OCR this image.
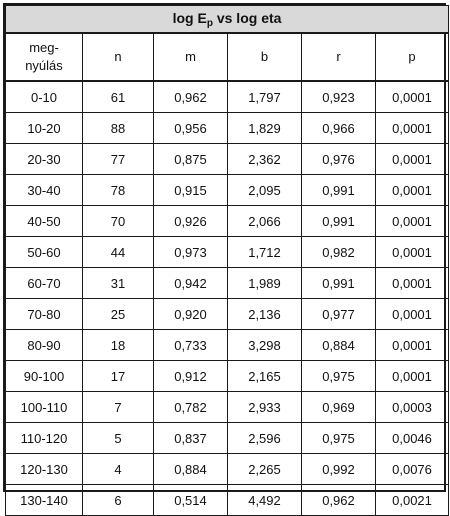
$\log E_p$ vs log eta					
meg-
nyúlás	n	m	b	r	p
0-10	61	0,962	1,797	0,923	0,0001
10-20	88	0,956	1,829	0,966	0,0001
20-30	77	0,875	2,362	0,976	0,0001
30-40	78	0,915	2,095	0,991	0,0001
40-50	70	0,926	2,066	0,991	0,0001
50-60	44	0,973	1,712	0,982	0,0001
60-70	31	0,942	1,989	0,991	0,0001
70-80	25	0,920	2,136	0,977	0,0001
80-90	18	0,733	3,298	0,884	0,0001
90-100	17	0,912	2,165	0,975	0,0001
100-110	7	0,782	2,933	0,969	0,0003
110-120	5	0,837	2,596	0,975	0,0046
120-130	4	0,884	2,265	0,992	0,0076
130-140	6	0,514	4,492	0,962	0,0021
